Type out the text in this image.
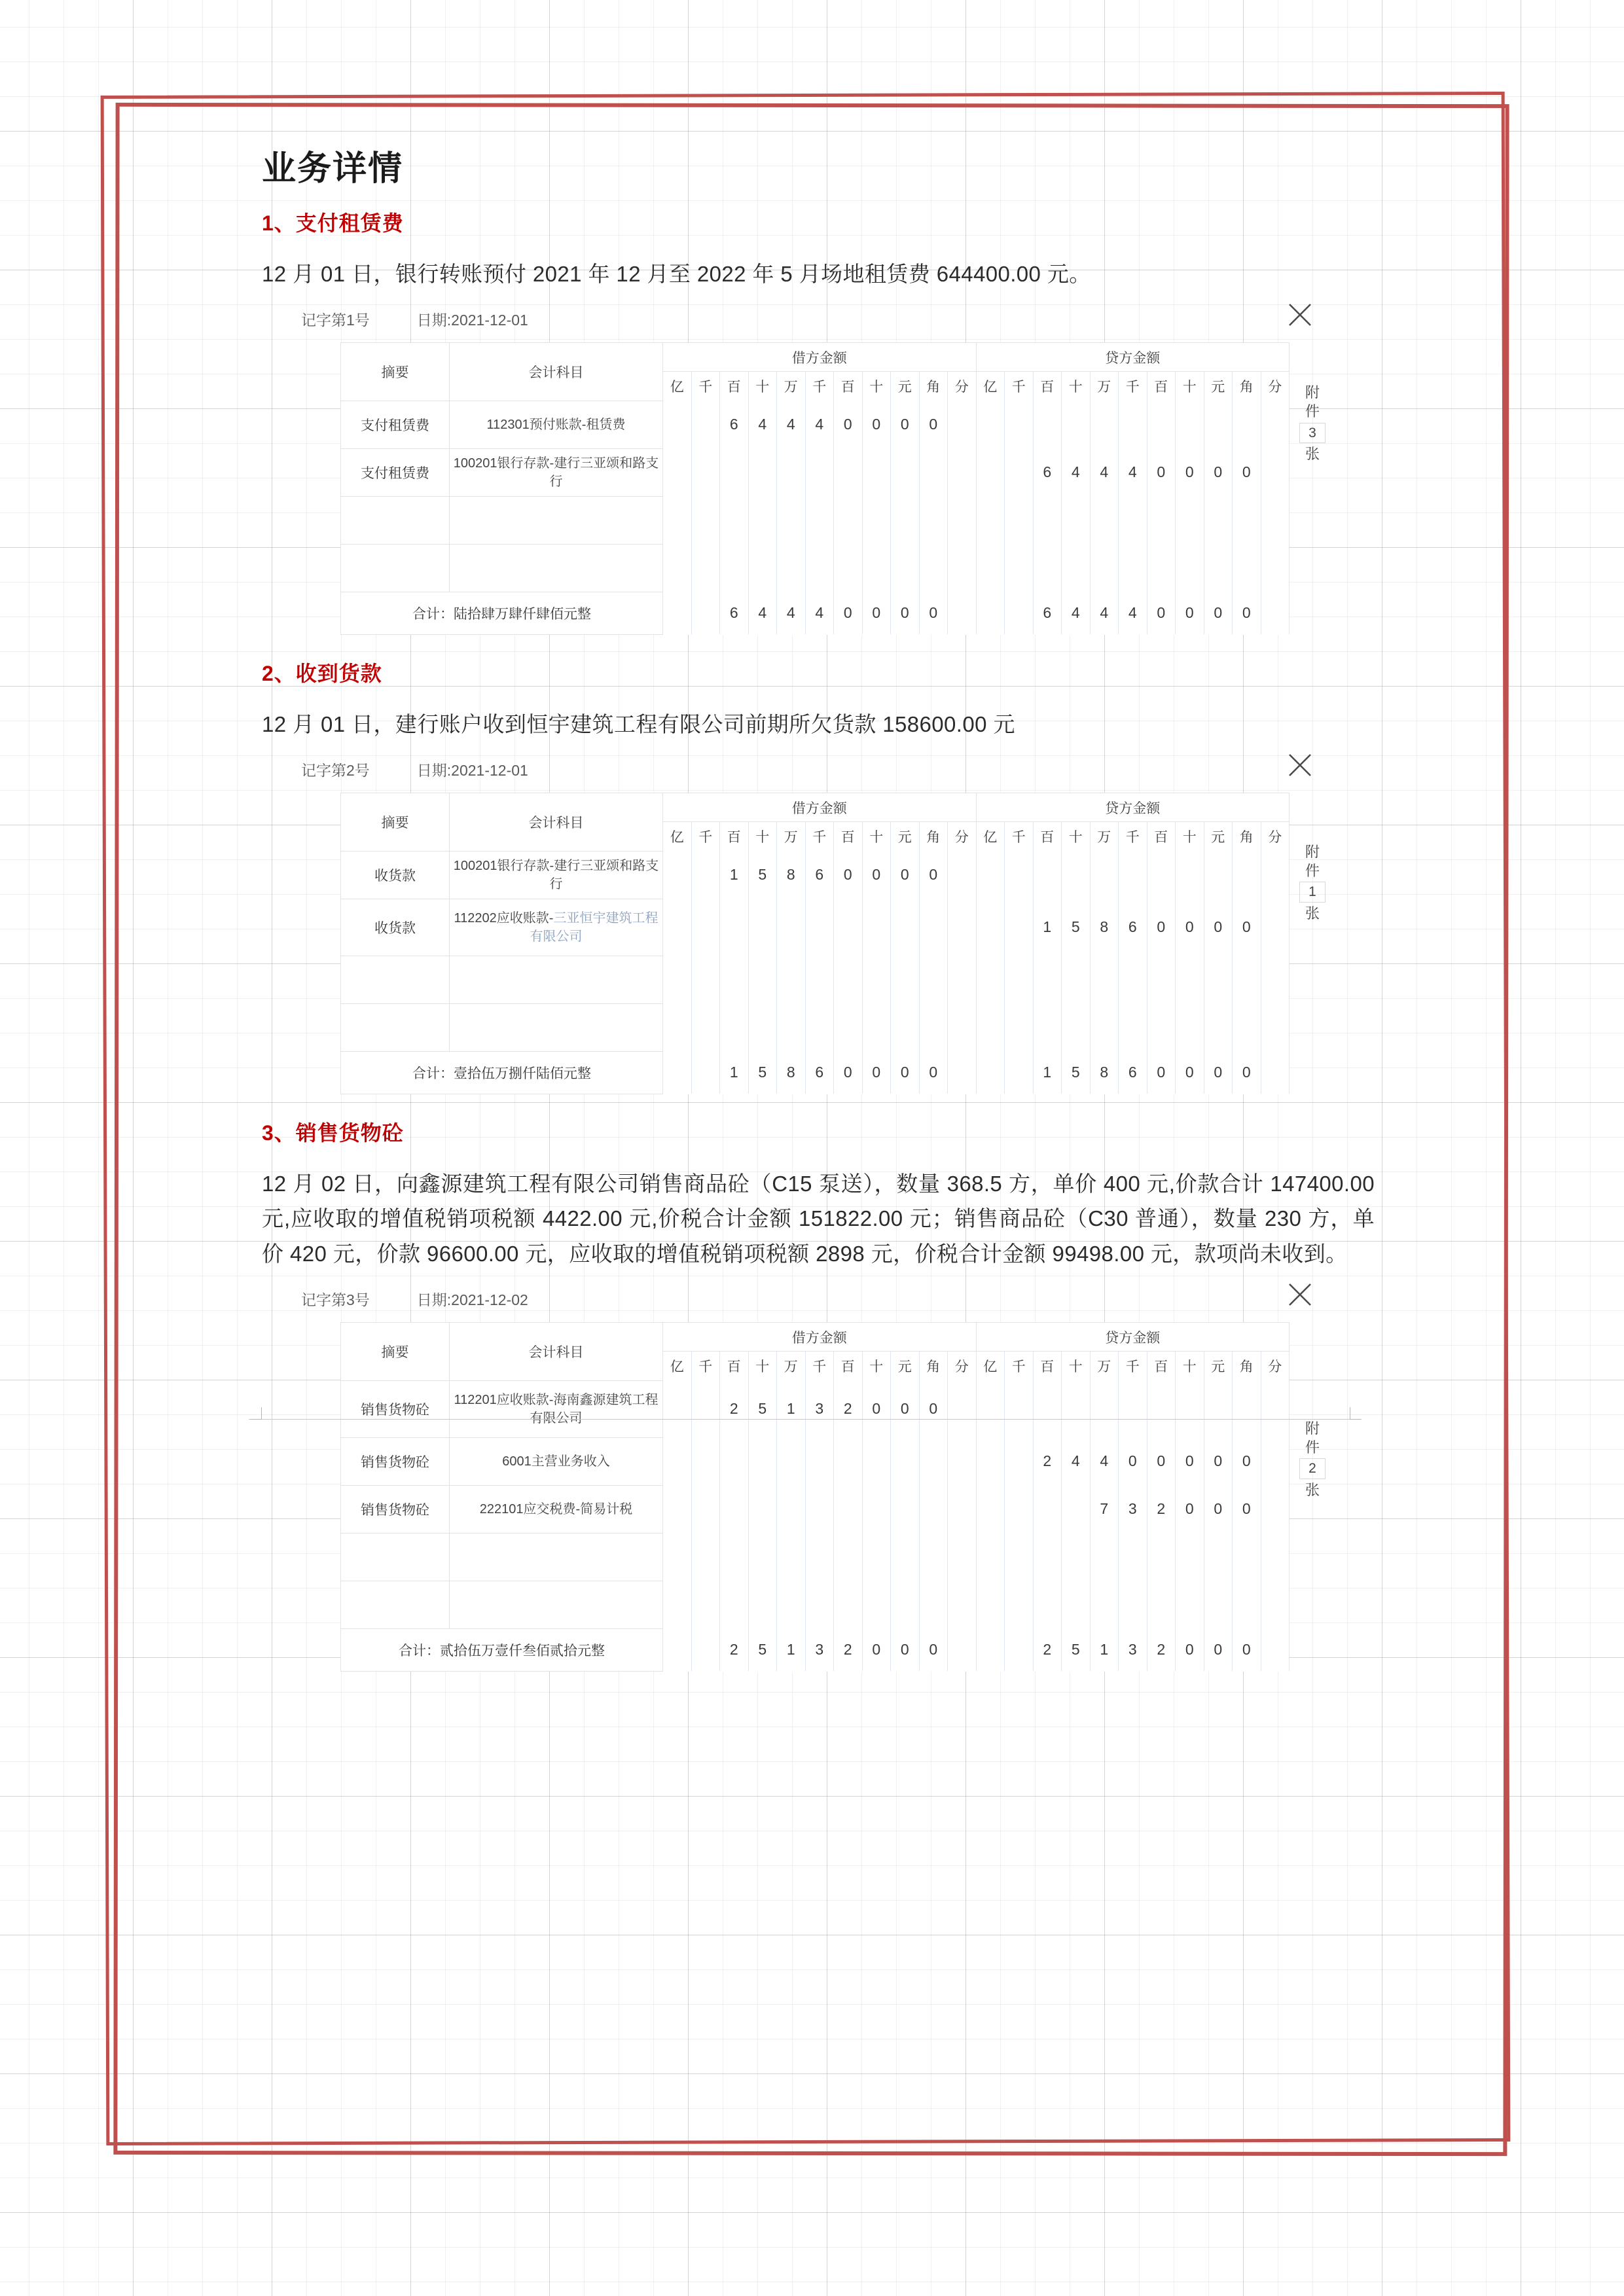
业务详情
1、支付租赁费
12 月 01 日，银行转账预付 2021 年 12 月至 2022 年 5 月场地租赁费 644400.00 元。
记字第1号	日期:2021-12-01
摘要	会计科目	借方金额											贷方金额										
		亿	千	百	十	万	千	百	十	元	角	分	亿	千	百	十	万	千	百	十	元	角	分
支付租赁费	112301预付账款-租赁费			6	4	4	4	0	0	0	0												
支付租赁费	100201银行存款-建行三亚颂和路支行														6	4	4	4	0	0	0	0	

合计：陆拾肆万肆仟肆佰元整				6	4	4	4	0	0	0	0				6	4	4	4	0	0	0	0	
附
件
3
张
2、收到货款
12 月 01 日，建行账户收到恒宇建筑工程有限公司前期所欠货款 158600.00 元
记字第2号	日期:2021-12-01
摘要	会计科目	借方金额											贷方金额										
		亿	千	百	十	万	千	百	十	元	角	分	亿	千	百	十	万	千	百	十	元	角	分
收货款	100201银行存款-建行三亚颂和路支行			1	5	8	6	0	0	0	0												
收货款	112202应收账款-三亚恒宇建筑工程有限公司														1	5	8	6	0	0	0	0	

合计：壹拾伍万捌仟陆佰元整				1	5	8	6	0	0	0	0				1	5	8	6	0	0	0	0	
附
件
1
张
3、销售货物砼
12 月 02 日，向鑫源建筑工程有限公司销售商品砼（C15 泵送），数量 368.5 方，单价 400 元,价款合计 147400.00 元,应收取的增值税销项税额 4422.00 元,价税合计金额 151822.00 元；销售商品砼（C30 普通），数量 230 方，单价 420 元，价款 96600.00 元，应收取的增值税销项税额 2898 元，价税合计金额 99498.00 元，款项尚未收到。
记字第3号	日期:2021-12-02
摘要	会计科目	借方金额											贷方金额										
		亿	千	百	十	万	千	百	十	元	角	分	亿	千	百	十	万	千	百	十	元	角	分
销售货物砼	112201应收账款-海南鑫源建筑工程有限公司			2	5	1	3	2	0	0	0												
销售货物砼	6001主营业务收入														2	4	4	0	0	0	0	0	
销售货物砼	222101应交税费-简易计税																7	3	2	0	0	0	

合计：贰拾伍万壹仟叁佰贰拾元整				2	5	1	3	2	0	0	0				2	5	1	3	2	0	0	0	
附
件
2
张
